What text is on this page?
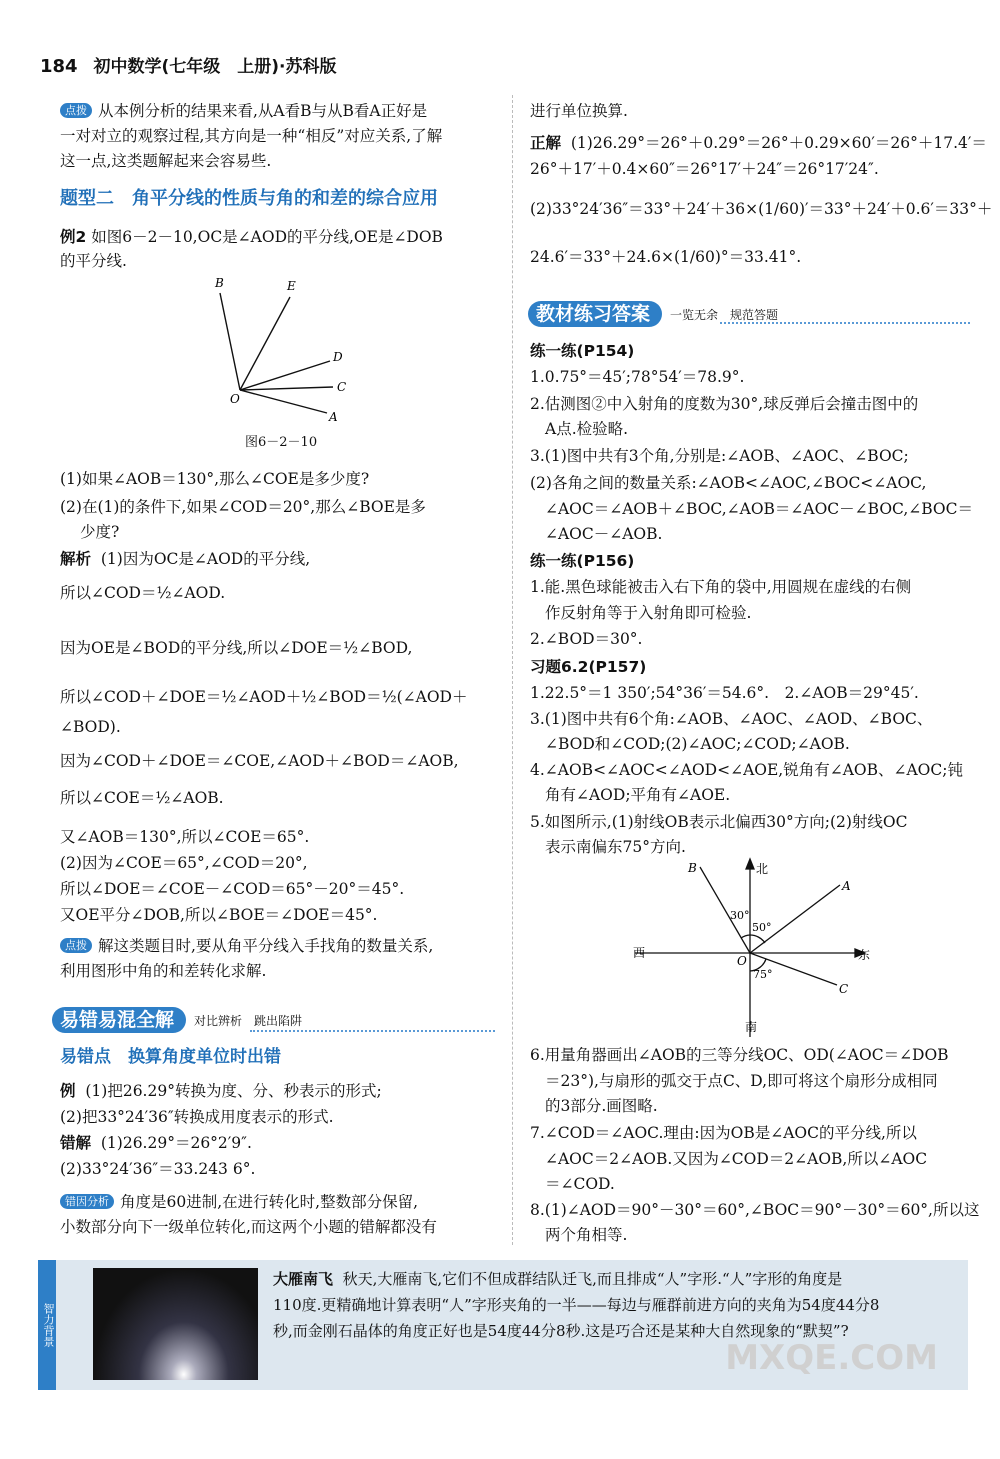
184 初中数学(七年级　上册)·苏科版
点拨 从本例分析的结果来看,从A看B与从B看A正好是
一对对立的观察过程,其方向是一种“相反”对应关系,了解
这一点,这类题解起来会容易些.
题型二　角平分线的性质与角的和差的综合应用
例2 如图6－2－10,OC是∠AOD的平分线,OE是∠DOB
的平分线.
B	E
D
C
A
O
图6－2－10
(1)如果∠AOB＝130°,那么∠COE是多少度?
(2)在(1)的条件下,如果∠COD＝20°,那么∠BOE是多
少度?
解析 (1)因为OC是∠AOD的平分线,
所以∠COD＝½∠AOD.
因为OE是∠BOD的平分线,所以∠DOE＝½∠BOD,
所以∠COD＋∠DOE＝½∠AOD＋½∠BOD＝½(∠AOD＋
∠BOD).
因为∠COD＋∠DOE＝∠COE,∠AOD＋∠BOD＝∠AOB,
所以∠COE＝½∠AOB.
又∠AOB＝130°,所以∠COE＝65°.
(2)因为∠COE＝65°,∠COD＝20°,
所以∠DOE＝∠COE－∠COD＝65°－20°＝45°.
又OE平分∠DOB,所以∠BOE＝∠DOE＝45°.
点拨 解这类题目时,要从角平分线入手找角的数量关系,
利用图形中角的和差转化求解.
易错易混全解	对比辨析　跳出陷阱
易错点　换算角度单位时出错
例 (1)把26.29°转换为度、分、秒表示的形式;
(2)把33°24′36″转换成用度表示的形式.
错解 (1)26.29°＝26°2′9″.
(2)33°24′36″＝33.243 6°.
错因分析 角度是60进制,在进行转化时,整数部分保留,
小数部分向下一级单位转化,而这两个小题的错解都没有
进行单位换算.
正解 (1)26.29°＝26°＋0.29°＝26°＋0.29×60′＝26°＋17.4′＝
26°＋17′＋0.4×60″＝26°17′＋24″＝26°17′24″.
(2)33°24′36″＝33°＋24′＋36×(1/60)′＝33°＋24′＋0.6′＝33°＋
24.6′＝33°＋24.6×(1/60)°＝33.41°.
教材练习答案	一览无余　规范答题
练一练(P154)
1.0.75°＝45′;78°54′＝78.9°.
2.估测图②中入射角的度数为30°,球反弹后会撞击图中的
A点.检验略.
3.(1)图中共有3个角,分别是:∠AOB、∠AOC、∠BOC;
(2)各角之间的数量关系:∠AOB<∠AOC,∠BOC<∠AOC,
∠AOC＝∠AOB＋∠BOC,∠AOB＝∠AOC－∠BOC,∠BOC＝
∠AOC－∠AOB.
练一练(P156)
1.能.黑色球能被击入右下角的袋中,用圆规在虚线的右侧
作反射角等于入射角即可检验.
2.∠BOD＝30°.
习题6.2(P157)
1.22.5°＝1 350′;54°36′＝54.6°.　2.∠AOB＝29°45′.
3.(1)图中共有6个角:∠AOB、∠AOC、∠AOD、∠BOC、
∠BOD和∠COD;(2)∠AOC;∠COD;∠AOB.
4.∠AOB<∠AOC<∠AOD<∠AOE,锐角有∠AOB、∠AOC;钝
角有∠AOD;平角有∠AOE.
5.如图所示,(1)射线OB表示北偏西30°方向;(2)射线OC
表示南偏东75°方向.
北
西	东
南
B
A
C
O
30°
50°
75°
6.用量角器画出∠AOB的三等分线OC、OD(∠AOC＝∠DOB
＝23°),与扇形的弧交于点C、D,即可将这个扇形分成相同
的3部分.画图略.
7.∠COD＝∠AOC.理由:因为OB是∠AOC的平分线,所以
∠AOC＝2∠AOB.又因为∠COD＝2∠AOB,所以∠AOC
＝∠COD.
8.(1)∠AOD＝90°－30°＝60°,∠BOC＝90°－30°＝60°,所以这
两个角相等.
智力背景
大雁南飞 秋天,大雁南飞,它们不但成群结队迁飞,而且排成“人”字形.“人”字形的角度是
110度.更精确地计算表明“人”字形夹角的一半——每边与雁群前进方向的夹角为54度44分8
秒,而金刚石晶体的角度正好也是54度44分8秒.这是巧合还是某种大自然现象的“默契”?
MXQE.COM
